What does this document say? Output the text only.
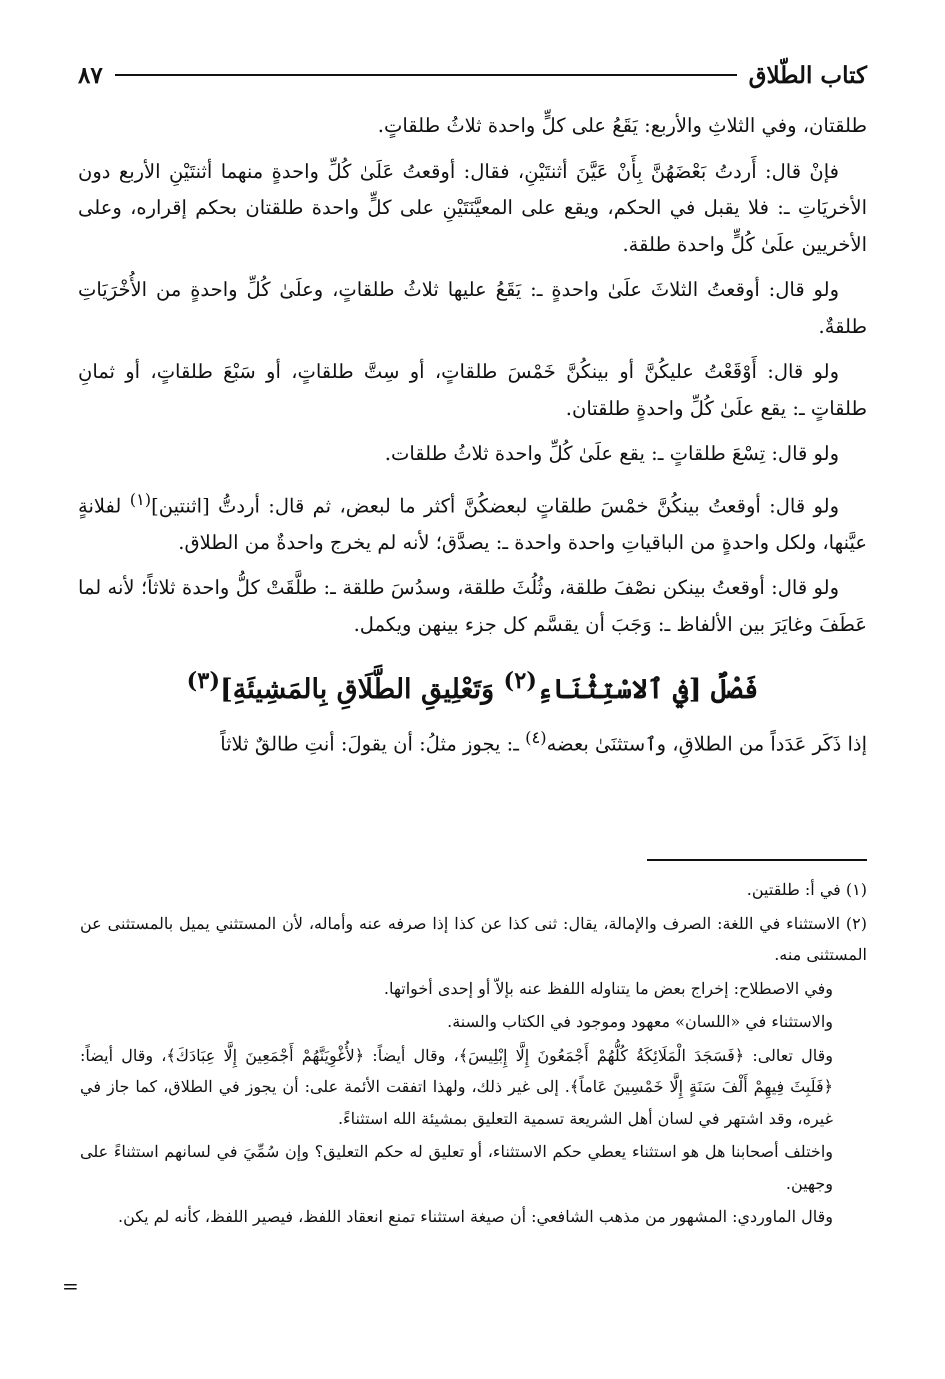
كتاب الطّلاق
٨٧

طلقتان، وفي الثلاثِ والأربع: يَقَعُ على كلٍّ واحدة ثلاثُ طلقاتٍ.

فإنْ قال: أَردتُ بَعْضَهُنَّ بِأَنْ عَيَّنَ أثنتَيْنِ، فقال: أوقعتُ عَلَىٰ كُلِّ واحدةٍ منهما أثنتَيْنِ الأربع دون الأخريَاتِ ـ: فلا يقبل في الحكم، ويقع على المعيَّنَتَيْنِ على كلٍّ واحدة طلقتان بحكم إقراره، وعلى الأخريين علَىٰ كُلٍّ واحدة طلقة.

ولو قال: أوقعتُ الثلاثَ علَىٰ واحدةٍ ـ: يَقَعُ عليها ثلاثُ طلقاتٍ، وعلَىٰ كُلِّ واحدةٍ من الأُخْرَيَاتِ طلقةٌ.

ولو قال: أَوْقَعْتُ عليكُنَّ أو بينكُنَّ خَمْسَ طلقاتٍ، أو سِتَّ طلقاتٍ، أو سَبْعَ طلقاتٍ، أو ثمانِ طلقاتٍ ـ: يقع علَىٰ كُلِّ واحدةٍ طلقتان.

ولو قال: تِسْعَ طلقاتٍ ـ: يقع علَىٰ كُلِّ واحدة ثلاثُ طلقات.

ولو قال: أوقعتُ بينكُنَّ خمْسَ طلقاتٍ لبعضكُنَّ أكثر ما لبعض، ثم قال: أردتُّ [اثنتين]$^{(١)}$ لفلانةٍ عيَّنها، ولكل واحدةٍ من الباقياتِ واحدة واحدة ـ: يصدَّق؛ لأنه لم يخرج واحدةٌ من الطلاق.

ولو قال: أوقعتُ بينكن نصْفَ طلقة، وثُلُثَ طلقة، وسدُسَ طلقة ـ: طلَّقَتْ كلُّ واحدة ثلاثاً؛ لأنه لما عَطَفَ وغايَرَ بين الألفاظ ـ: وَجَبَ أن يقسَّم كل جزء بينهن ويكمل.

فَصْلٌ [في ٱلاسْتِثْنَاءِ$^{(٢)}$ وَتَعْلِيقِ الطَّلَاقِ بِالمَشِيئَةِ]$^{(٣)}$

إذا ذَكَر عَدَداً من الطلاقِ، وٱستثنَىٰ بعضه$^{(٤)}$ ـ: يجوز مثلُ: أن يقولَ: أنتِ طالقٌ ثلاثاً

(١) في أ: طلقتين.

(٢) الاستثناء في اللغة: الصرف والإمالة، يقال: ثنى كذا عن كذا إذا صرفه عنه وأماله، لأن المستثني يميل بالمستثنى عن المستثنى منه.

وفي الاصطلاح: إخراج بعض ما يتناوله اللفظ عنه بإلاّ أو إحدى أخواتها.

والاستثناء في «اللسان» معهود وموجود في الكتاب والسنة.

وقال تعالى: ﴿فَسَجَدَ الْمَلَائِكَةُ كُلُّهُمْ أَجْمَعُونَ إِلَّا إِبْلِيسَ﴾، وقال أيضاً: ﴿لأُغْوِيَنَّهُمْ أَجْمَعِينَ إِلَّا عِبَادَكَ﴾، وقال أيضاً: ﴿فَلَبِثَ فِيهِمْ أَلْفَ سَنَةٍ إِلَّا خَمْسِينَ عَاماً﴾. إلى غير ذلك، ولهذا اتفقت الأئمة على: أن يجوز في الطلاق، كما جاز في غيره، وقد اشتهر في لسان أهل الشريعة تسمية التعليق بمشيئة الله استثناءً.

واختلف أصحابنا هل هو استثناء يعطي حكم الاستثناء، أو تعليق له حكم التعليق؟ وإن سُمِّيَ في لسانهم استثناءً على وجهين.

وقال الماوردي: المشهور من مذهب الشافعي: أن صيغة استثناء تمنع انعقاد اللفظ، فيصير اللفظ، كأنه لم يكن.

=
